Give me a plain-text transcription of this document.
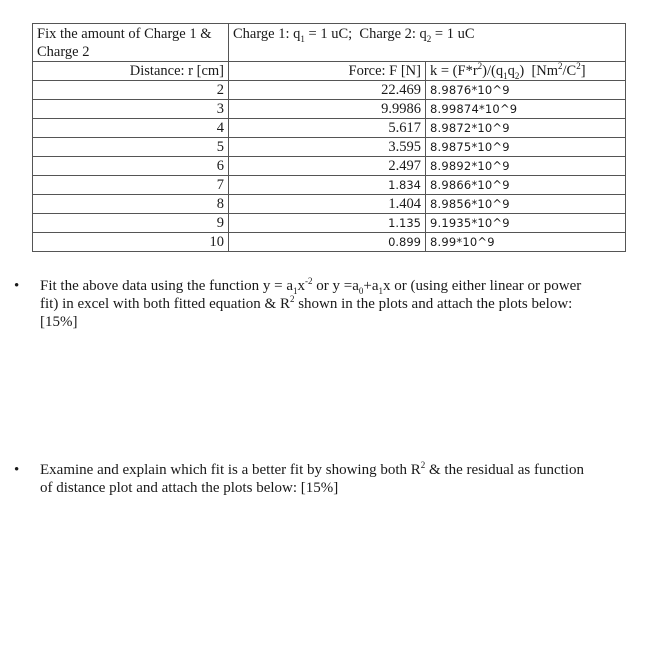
Fix the amount of Charge 1 & Charge 2	Charge 1: $q_1 = 1$ uC; Charge 2: $q_2 = 1$ uC	
Distance: r [cm]	Force: F [N]	$k = (F*r^2)/(q_1q_2)$ $[Nm^2/C^2]$
2	22.469	8.9876*10^9
3	9.9986	8.99874*10^9
4	5.617	8.9872*10^9
5	3.595	8.9875*10^9
6	2.497	8.9892*10^9
7	1.834	8.9866*10^9
8	1.404	8.9856*10^9
9	1.135	9.1935*10^9
10	0.899	8.99*10^9
• Fit the above data using the function $y = a_1x^{-2}$ or $y =a_0+a_1x$ or (using either linear or power fit) in excel with both fitted equation & $R^2$ shown in the plots and attach the plots below: [15%]
• Examine and explain which fit is a better fit by showing both $R^2$ & the residual as function of distance plot and attach the plots below: [15%]
